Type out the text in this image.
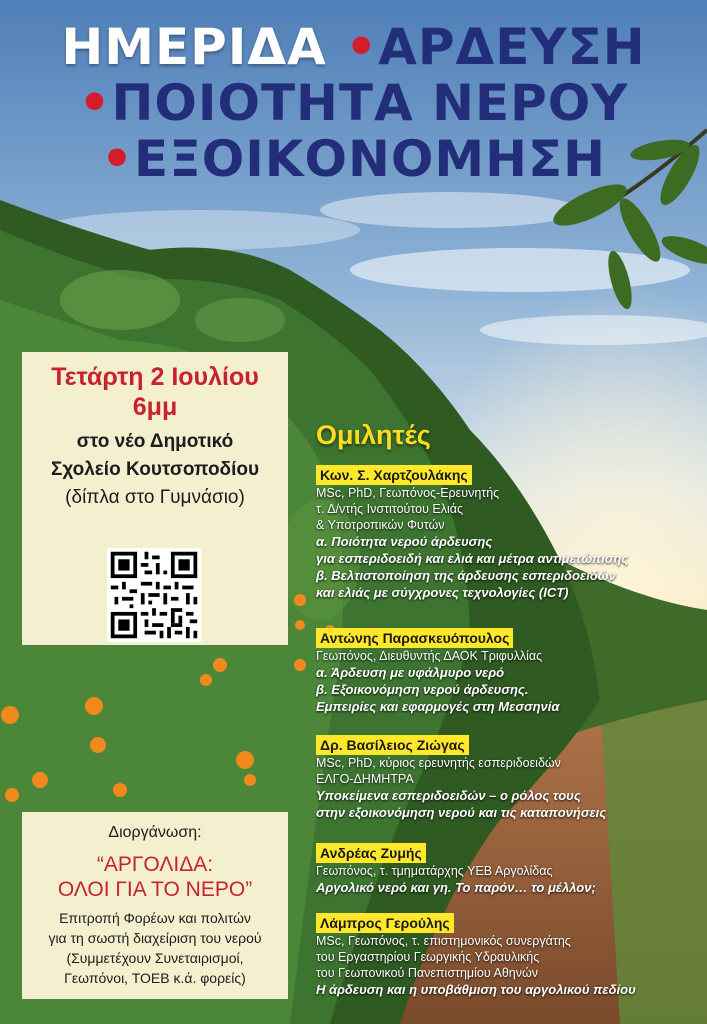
ΗΜΕΡΙΔΑ •ΑΡΔΕΥΣΗ
•ΠΟΙΟΤΗΤΑ ΝΕΡΟΥ
•ΕΞΟΙΚΟΝΟΜΗΣΗ
Τετάρτη 2 Ιουλίου
6μμ
στο νέο Δημοτικό
Σχολείο Κουτσοποδίου
(δίπλα στο Γυμνάσιο)
Διοργάνωση:
“ΑΡΓΟΛΙΔΑ:
ΟΛΟΙ ΓΙΑ ΤΟ ΝΕΡΟ”
Επιτροπή Φορέων και πολιτών
για τη σωστή διαχείριση του νερού
(Συμμετέχουν Συνεταιρισμοί,
Γεωπόνοι, ΤΟΕΒ κ.ά. φορείς)
Ομιλητές
Κων. Σ. Χαρτζουλάκης
MSc, PhD, Γεωπόνος-Ερευνητής
τ. Δ/ντής Ινστιτούτου Ελιάς
& Υποτροπικών Φυτών
α. Ποιότητα νερού άρδευσης
για εσπεριδοειδή και ελιά και μέτρα αντιμετώπισης
β. Βελτιστοποίηση της άρδευσης εσπεριδοειδών
και ελιάς με σύγχρονες τεχνολογίες (ICT)
Αντώνης Παρασκευόπουλος
Γεωπόνος, Διευθυντής ΔΑΟΚ Τριφυλλίας
α. Άρδευση με υφάλμυρο νερό
β. Εξοικονόμηση νερού άρδευσης.
Εμπειρίες και εφαρμογές στη Μεσσηνία
Δρ. Βασίλειος Ζιώγας
MSc, PhD, κύριος ερευνητής εσπεριδοειδών
ΕΛΓΟ-ΔΗΜΗΤΡΑ
Υποκείμενα εσπεριδοειδών – ο ρόλος τους
στην εξοικονόμηση νερού και τις καταπονήσεις
Ανδρέας Ζυμής
Γεωπόνος, τ. τμηματάρχης ΥΕΒ Αργολίδας
Αργολικό νερό και γη. Το παρόν… το μέλλον;
Λάμπρος Γερούλης
MSc, Γεωπόνος, τ. επιστημονικός συνεργάτης
του Εργαστηρίου Γεωργικής Υδραυλικής
του Γεωπονικού Πανεπιστημίου Αθηνών
Η άρδευση και η υποβάθμιση του αργολικού πεδίου
